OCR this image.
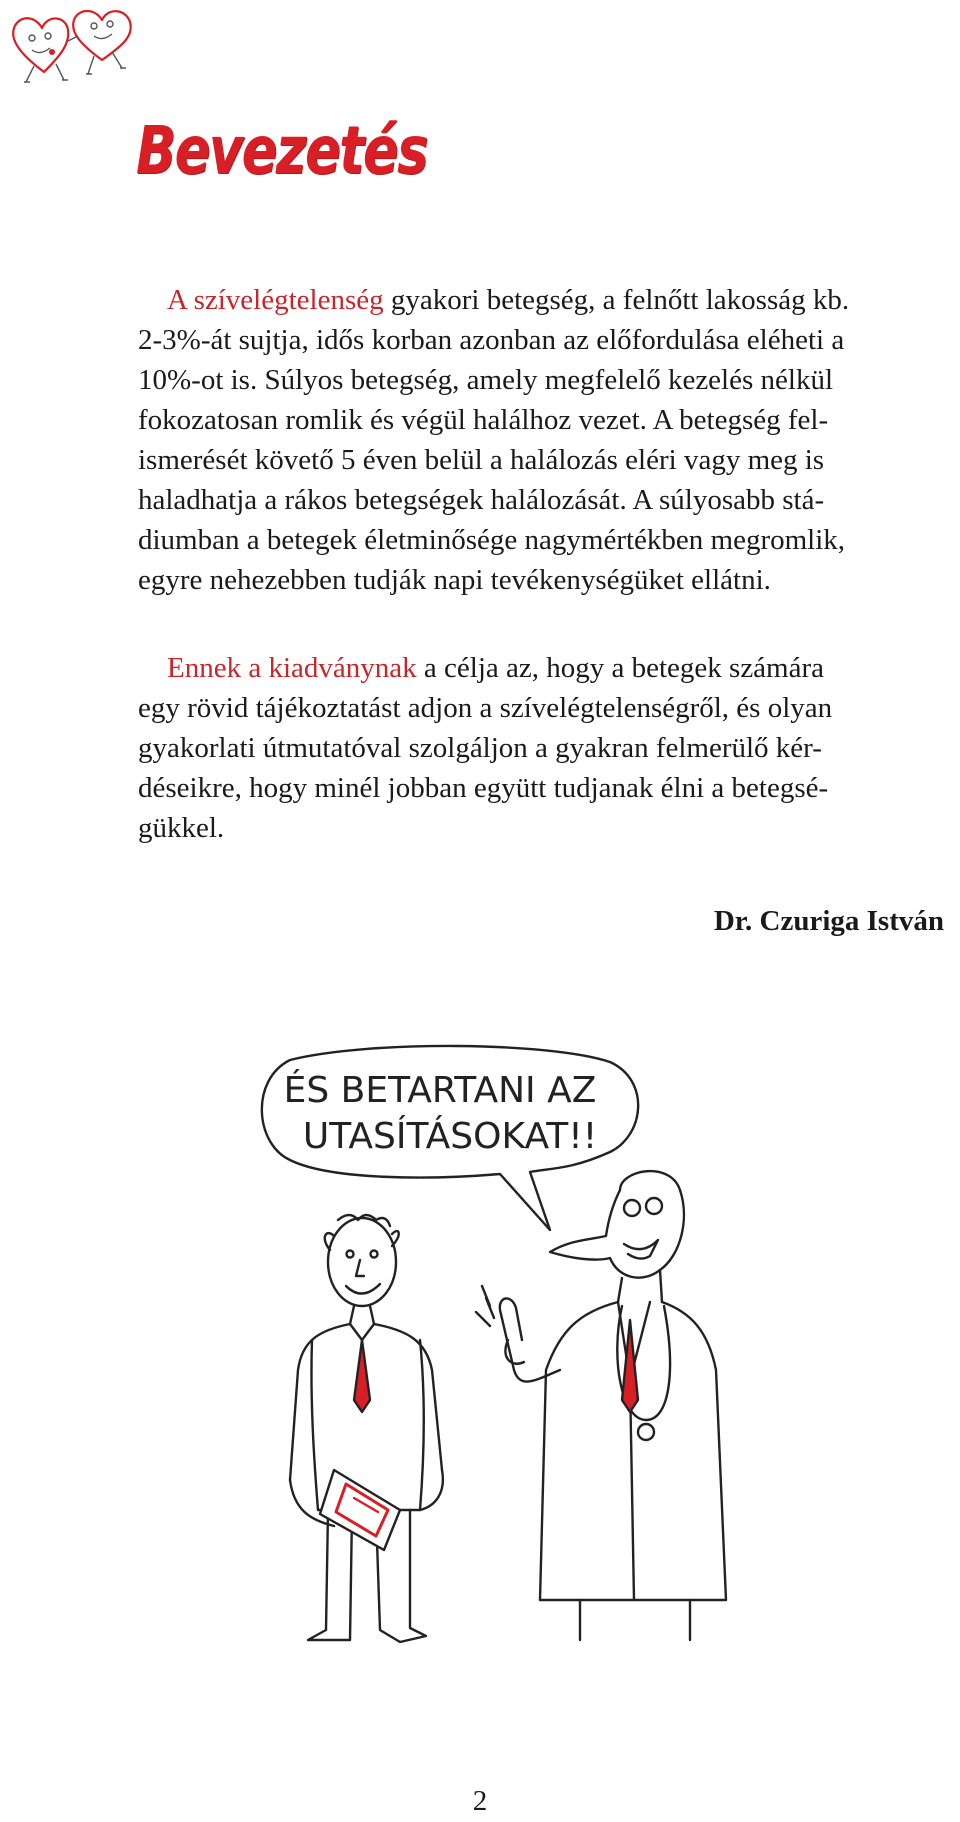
Bevezetés

A szívelégtelenség gyakori betegség, a felnőtt lakosság kb.
2-3%-át sujtja, idős korban azonban az előfordulása eléheti a
10%-ot is. Súlyos betegség, amely megfelelő kezelés nélkül
fokozatosan romlik és végül halálhoz vezet. A betegség fel-
ismerését követő 5 éven belül a halálozás eléri vagy meg is
haladhatja a rákos betegségek halálozását. A súlyosabb stá-
diumban a betegek életminősége nagymértékben megromlik,
egyre nehezebben tudják napi tevékenységüket ellátni.

Ennek a kiadványnak a célja az, hogy a betegek számára
egy rövid tájékoztatást adjon a szívelégtelenségről, és olyan
gyakorlati útmutatóval szolgáljon a gyakran felmerülő kér-
déseikre, hogy minél jobban együtt tudjanak élni a betegsé-
gükkel.

Dr. Czuriga István

ÉS BETARTANI AZ
UTASÍTÁSOKAT!!

2
